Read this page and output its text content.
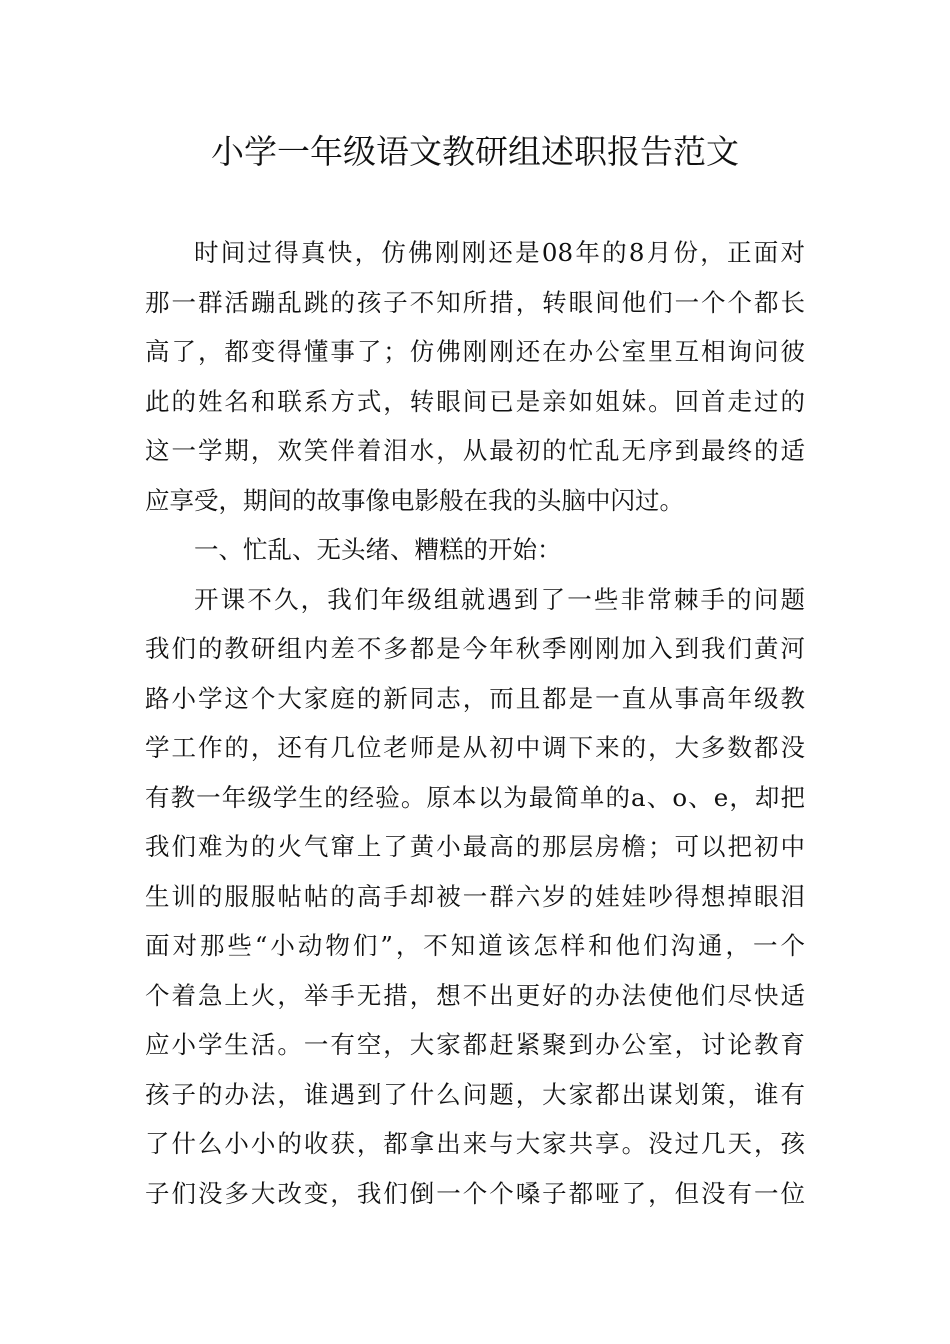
小学一年级语文教研组述职报告范文
时间过得真快，仿佛刚刚还是08年的8月份，正面对
那一群活蹦乱跳的孩子不知所措，转眼间他们一个个都长
高了，都变得懂事了；仿佛刚刚还在办公室里互相询问彼
此的姓名和联系方式，转眼间已是亲如姐妹。回首走过的
这一学期，欢笑伴着泪水，从最初的忙乱无序到最终的适
应享受，期间的故事像电影般在我的头脑中闪过。
一、忙乱、无头绪、糟糕的开始：
开课不久，我们年级组就遇到了一些非常棘手的问题
我们的教研组内差不多都是今年秋季刚刚加入到我们黄河
路小学这个大家庭的新同志，而且都是一直从事高年级教
学工作的，还有几位老师是从初中调下来的，大多数都没
有教一年级学生的经验。原本以为最简单的a、o、e，却把
我们难为的火气窜上了黄小最高的那层房檐；可以把初中
生训的服服帖帖的高手却被一群六岁的娃娃吵得想掉眼泪
面对那些“小动物们”，不知道该怎样和他们沟通，一个
个着急上火，举手无措，想不出更好的办法使他们尽快适
应小学生活。一有空，大家都赶紧聚到办公室，讨论教育
孩子的办法，谁遇到了什么问题，大家都出谋划策，谁有
了什么小小的收获，都拿出来与大家共享。没过几天，孩
子们没多大改变，我们倒一个个嗓子都哑了，但没有一位
